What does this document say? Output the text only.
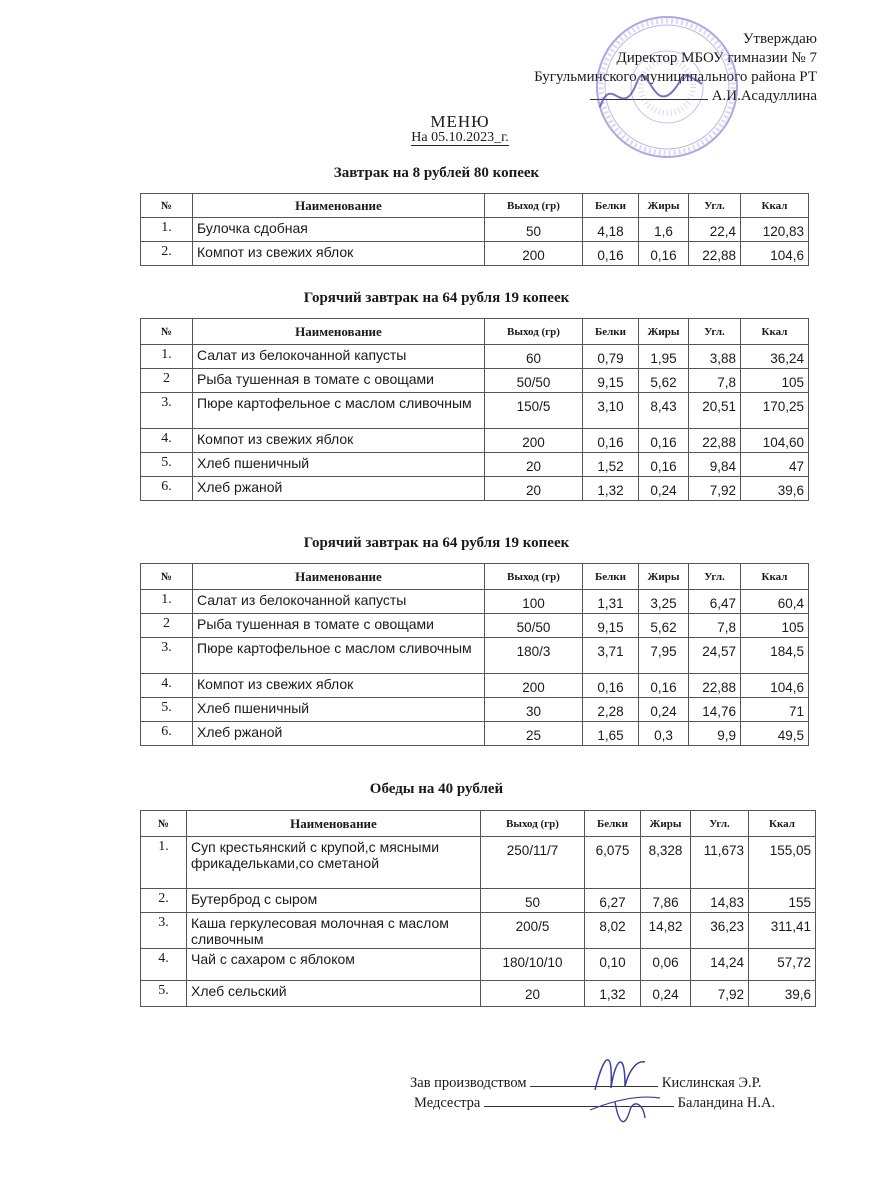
Утверждаю
Директор МБОУ гимназии № 7
Бугульминского муниципального района РТ
А.И.Асадуллина
МЕНЮ
На 05.10.2023_г.
Завтрак на 8 рублей 80 копеек
№	Наименование	Выход (гр)	Белки	Жиры	Угл.	Ккал
1.	Булочка сдобная	50	4,18	1,6	22,4	120,83
2.	Компот из свежих яблок	200	0,16	0,16	22,88	104,6
Горячий завтрак на 64 рубля 19 копеек
№	Наименование	Выход (гр)	Белки	Жиры	Угл.	Ккал
1.	Салат из белокочанной капусты	60	0,79	1,95	3,88	36,24
2	Рыба тушенная в томате с овощами	50/50	9,15	5,62	7,8	105
3.	Пюре картофельное с маслом сливочным	150/5	3,10	8,43	20,51	170,25
4.	Компот из свежих яблок	200	0,16	0,16	22,88	104,60
5.	Хлеб пшеничный	20	1,52	0,16	9,84	47
6.	Хлеб ржаной	20	1,32	0,24	7,92	39,6
Горячий завтрак на 64 рубля 19 копеек
№	Наименование	Выход (гр)	Белки	Жиры	Угл.	Ккал
1.	Салат из белокочанной капусты	100	1,31	3,25	6,47	60,4
2	Рыба тушенная в томате с овощами	50/50	9,15	5,62	7,8	105
3.	Пюре картофельное с маслом сливочным	180/3	3,71	7,95	24,57	184,5
4.	Компот из свежих яблок	200	0,16	0,16	22,88	104,6
5.	Хлеб пшеничный	30	2,28	0,24	14,76	71
6.	Хлеб ржаной	25	1,65	0,3	9,9	49,5
Обеды на 40 рублей
№	Наименование	Выход (гр)	Белки	Жиры	Угл.	Ккал
1.	Суп крестьянский с крупой,с мясными фрикадельками,со сметаной	250/11/7	6,075	8,328	11,673	155,05
2.	Бутерброд с сыром	50	6,27	7,86	14,83	155
3.	Каша геркулесовая молочная с маслом сливочным	200/5	8,02	14,82	36,23	311,41
4.	Чай с сахаром с яблоком	180/10/10	0,10	0,06	14,24	57,72
5.	Хлеб сельский	20	1,32	0,24	7,92	39,6
Зав производством	Кислинская Э.Р.
Медсестра	Баландина Н.А.
